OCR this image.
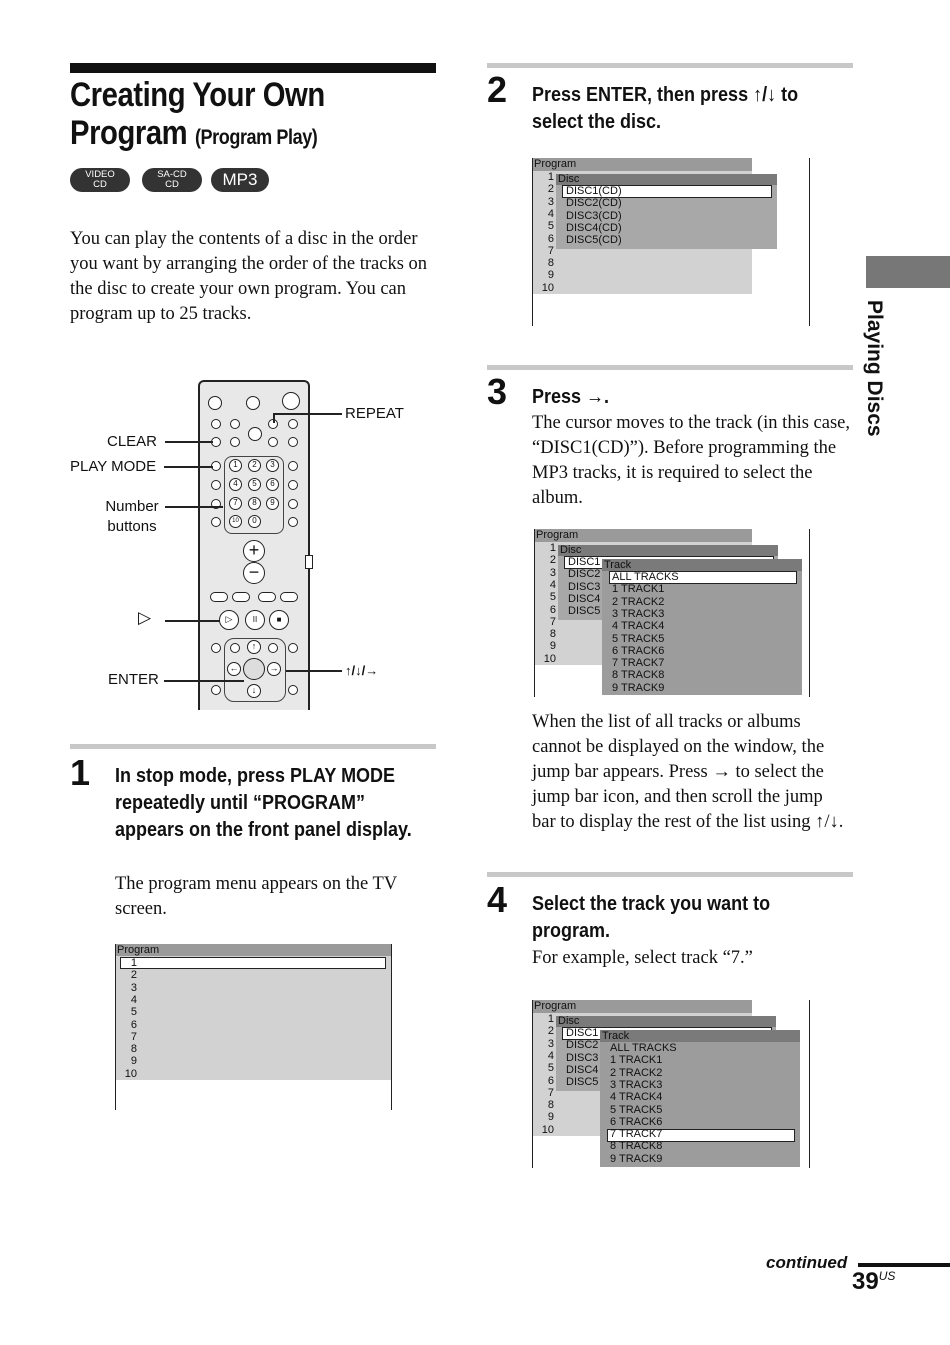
Creating Your Own
Program (Program Play)
VIDEO
CD
SA-CD
CD	MP3
You can play the contents of a disc in the order you want by arranging the order of the tracks on the disc to create your own program. You can program up to 25 tracks.
1	2	3
4	5	6
7	8	9
10	0
+
−
▷	II	■
↑
←	→
↓
REPEAT
CLEAR
PLAY MODE
Number
buttons
▷
ENTER
↑/↓/→
1 In stop mode, press PLAY MODE repeatedly until “PROGRAM” appears on the front panel display.
The program menu appears on the TV screen.
Program
1
2
3
4
5
6
7
8
9
10
2 Press ENTER, then press ↑/↓ to select the disc.
Program
Disc
DISC1(CD)
DISC2(CD)
DISC3(CD)
DISC4(CD)
DISC5(CD)
1
2
3
4
5
6
7
8
9
10
3 Press →.
The cursor moves to the track (in this case, “DISC1(CD)”). Before programming the MP3 tracks, it is required to select the album.
Program
Disc
DISC1
DISC2
DISC3
DISC4
DISC5
Track
ALL TRACKS
1 TRACK1
2 TRACK2
3 TRACK3
4 TRACK4
5 TRACK5
6 TRACK6
7 TRACK7
8 TRACK8
9 TRACK9
1
2
3
4
5
6
7
8
9
10
When the list of all tracks or albums cannot be displayed on the window, the jump bar appears. Press → to select the jump bar icon, and then scroll the jump bar to display the rest of the list using ↑/↓.
4 Select the track you want to program.
For example, select track “7.”
Program
Disc
DISC1
DISC2
DISC3
DISC4
DISC5
Track
ALL TRACKS
1 TRACK1
2 TRACK2
3 TRACK3
4 TRACK4
5 TRACK5
6 TRACK6
7 TRACK7
8 TRACK8
9 TRACK9
1
2
3
4
5
6
7
8
9
10
Playing Discs
continued
$39^{US}$
